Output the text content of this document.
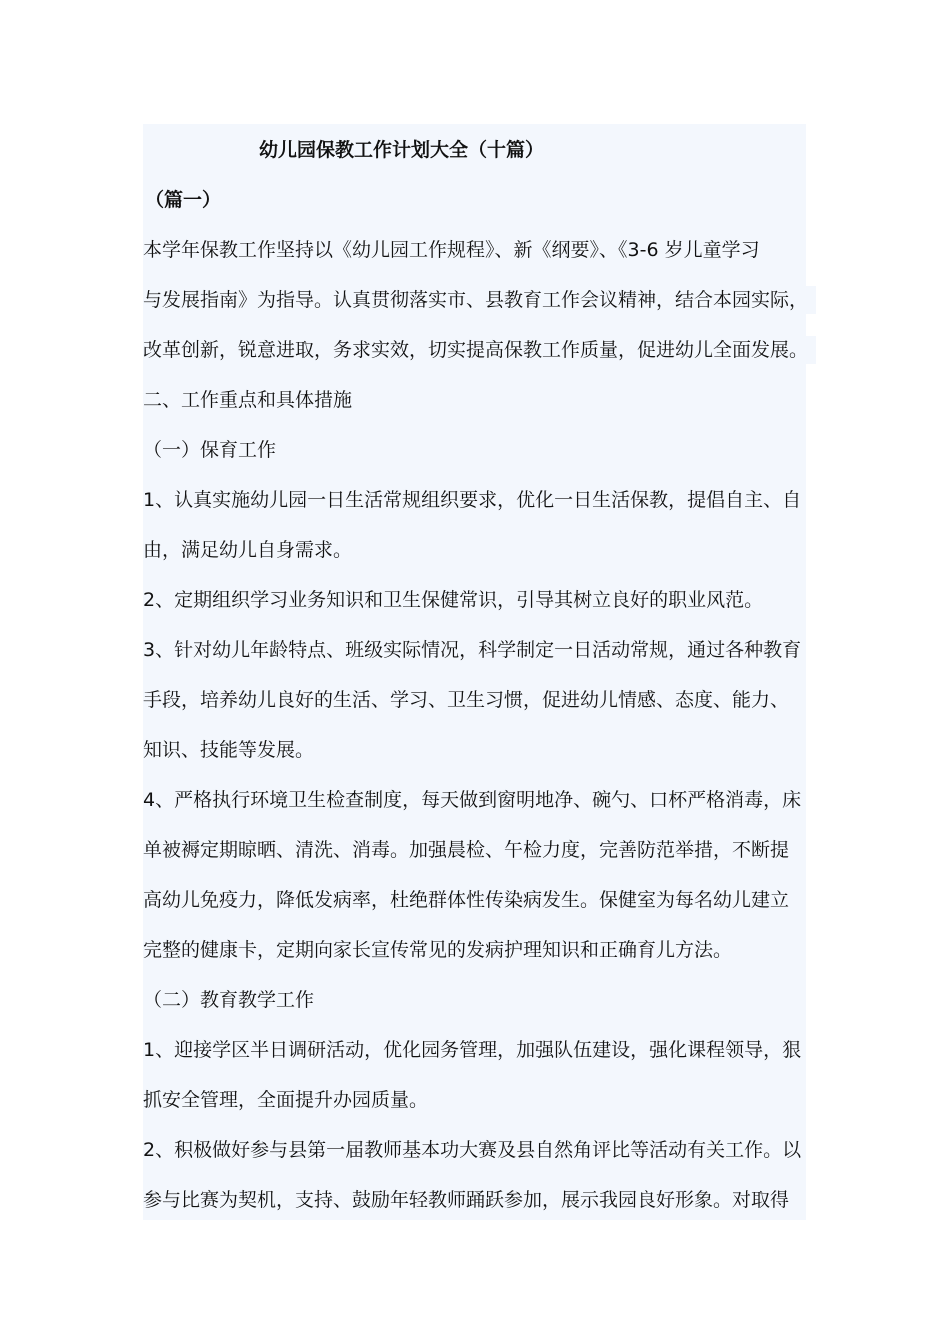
幼儿园保教工作计划大全（十篇）
（篇一）
本学年保教工作坚持以《幼儿园工作规程》、新《纲要》、《3-6 岁儿童学习
与发展指南》为指导。认真贯彻落实市、县教育工作会议精神，结合本园实际，
改革创新，锐意进取，务求实效，切实提高保教工作质量，促进幼儿全面发展。
二、工作重点和具体措施
（一）保育工作
1、认真实施幼儿园一日生活常规组织要求，优化一日生活保教，提倡自主、自
由，满足幼儿自身需求。
2、定期组织学习业务知识和卫生保健常识，引导其树立良好的职业风范。
3、针对幼儿年龄特点、班级实际情况，科学制定一日活动常规，通过各种教育
手段，培养幼儿良好的生活、学习、卫生习惯，促进幼儿情感、态度、能力、
知识、技能等发展。
4、严格执行环境卫生检查制度，每天做到窗明地净、碗勺、口杯严格消毒，床
单被褥定期晾晒、清洗、消毒。加强晨检、午检力度，完善防范举措，不断提
高幼儿免疫力，降低发病率，杜绝群体性传染病发生。保健室为每名幼儿建立
完整的健康卡，定期向家长宣传常见的发病护理知识和正确育儿方法。
（二）教育教学工作
1、迎接学区半日调研活动，优化园务管理，加强队伍建设，强化课程领导，狠
抓安全管理，全面提升办园质量。
2、积极做好参与县第一届教师基本功大赛及县自然角评比等活动有关工作。以
参与比赛为契机，支持、鼓励年轻教师踊跃参加，展示我园良好形象。对取得
